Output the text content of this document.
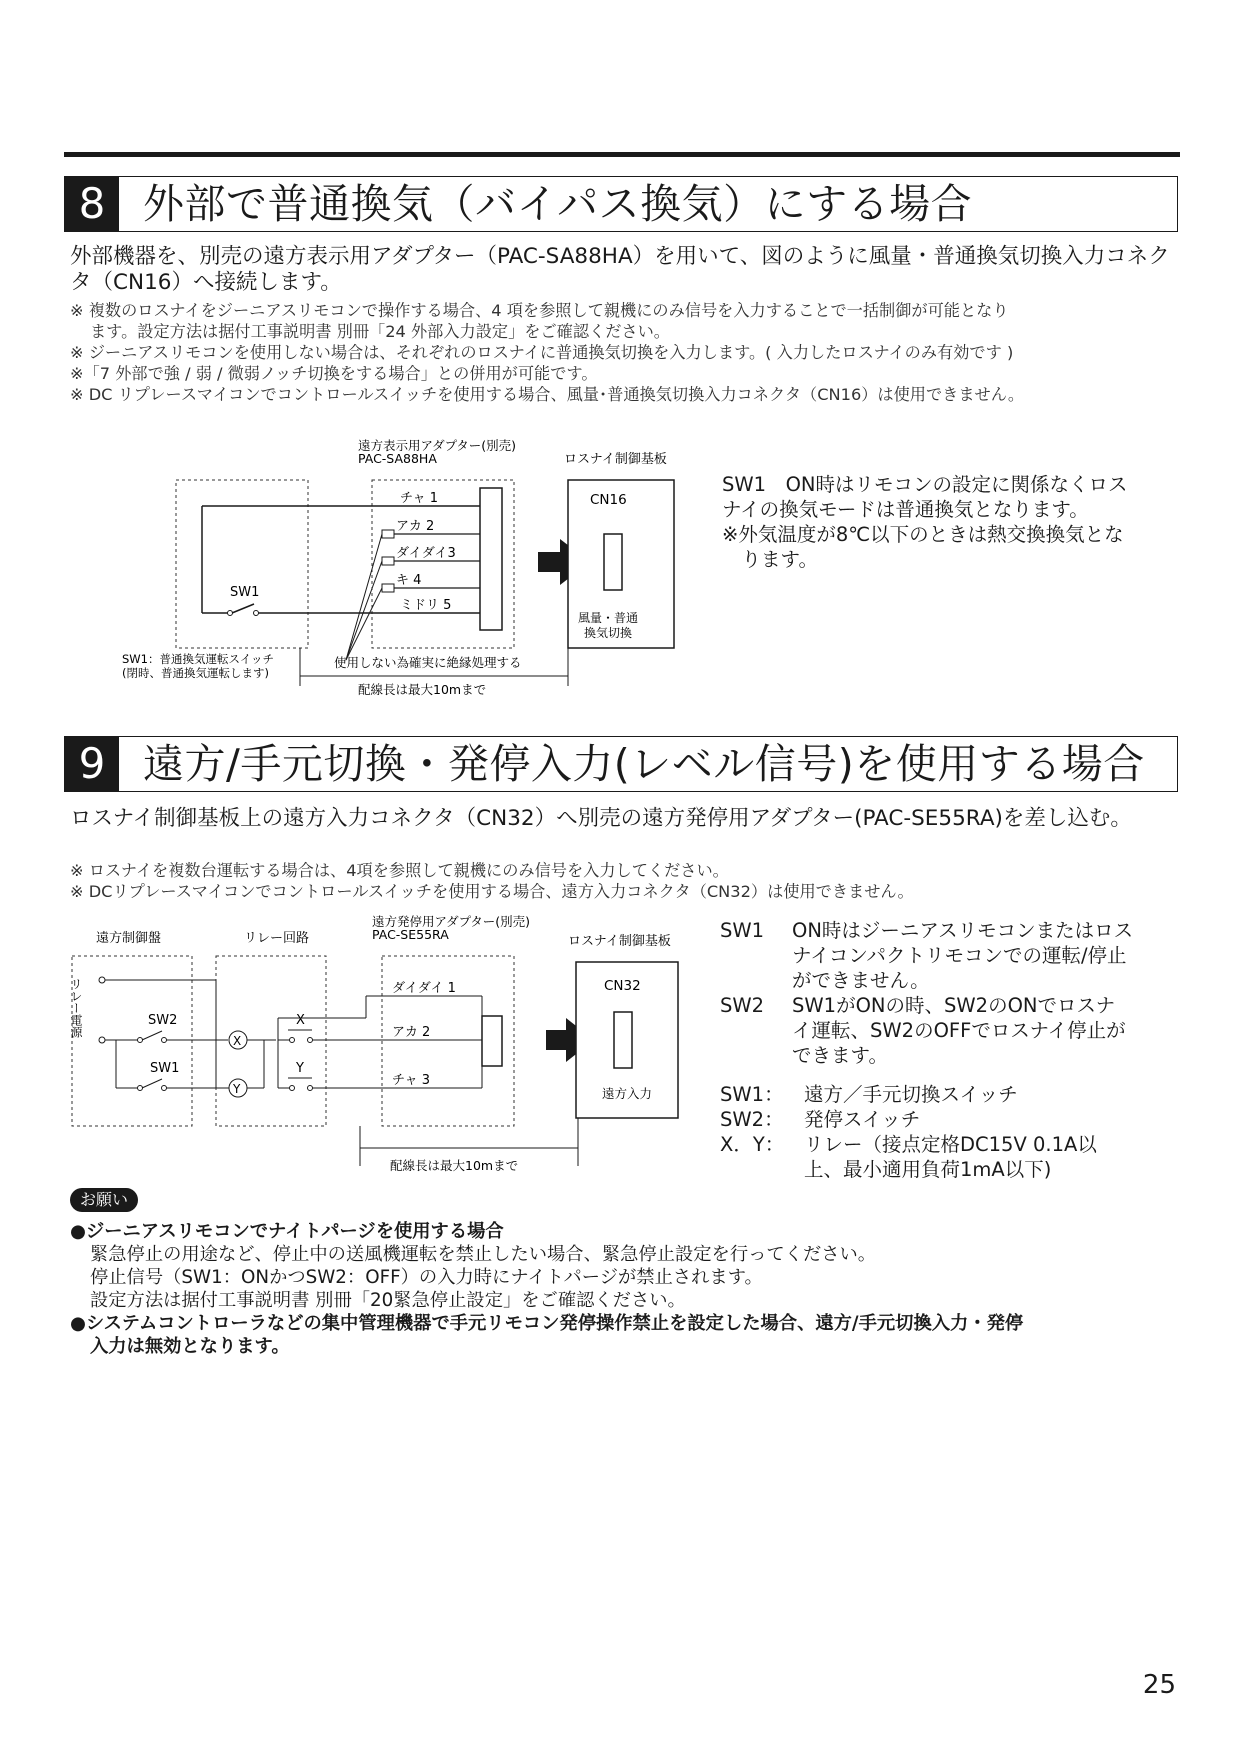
8 外部で普通換気（バイパス換気）にする場合
外部機器を、別売の遠方表示用アダプター（PAC-SA88HA）を用いて、図のように風量・普通換気切換入力コネクタ（CN16）へ接続します。
※ 複数のロスナイをジーニアスリモコンで操作する場合、4 項を参照して親機にのみ信号を入力することで一括制御が可能となり
ます。設定方法は据付工事説明書 別冊「24 外部入力設定」をご確認ください。
※ ジーニアスリモコンを使用しない場合は、それぞれのロスナイに普通換気切換を入力します。( 入力したロスナイのみ有効です )
※「7 外部で強 / 弱 / 微弱ノッチ切換をする場合」との併用が可能です。
※ DC リプレースマイコンでコントロールスイッチを使用する場合、風量･普通換気切換入力コネクタ（CN16）は使用できません。
遠方表示用アダプター(別売)
PAC-SA88HA	ロスナイ制御基板
SW1
チャ 1
アカ 2
ダイダイ3
キ 4
ミドリ 5
CN16
風量・普通
換気切換
SW1：普通換気運転スイッチ
(閉時、普通換気運転します)
使用しない為確実に絶縁処理する
配線長は最大10mまで
SW1　ON時はリモコンの設定に関係なくロス
ナイの換気モードは普通換気となります。
※外気温度が8℃以下のときは熱交換換気とな
　ります。
9 遠方/手元切換・発停入力(レベル信号)を使用する場合
ロスナイ制御基板上の遠方入力コネクタ（CN32）へ別売の遠方発停用アダプター(PAC-SE55RA)を差し込む。
※ ロスナイを複数台運転する場合は、4項を参照して親機にのみ信号を入力してください。
※ DCリプレースマイコンでコントロールスイッチを使用する場合、遠方入力コネクタ（CN32）は使用できません。
遠方制御盤	リレー回路
遠方発停用アダプター(別売)
PAC-SE55RA	ロスナイ制御基板
リレー電源	SW2
SW1
X
Y
X
Y
ダイダイ 1
アカ 2
チャ 3
CN32
遠方入力
配線長は最大10mまで
SW1	ON時はジーニアスリモコンまたはロス
ナイコンパクトリモコンでの運転/停止
ができません。
SW2	SW1がONの時、SW2のONでロスナ
イ運転、SW2のOFFでロスナイ停止が
できます。
SW1：	遠方／手元切換スイッチ
SW2：	発停スイッチ
X．Y：	リレー（接点定格DC15V 0.1A以
上、最小適用負荷1mA以下)
お願い
●ジーニアスリモコンでナイトパージを使用する場合
緊急停止の用途など、停止中の送風機運転を禁止したい場合、緊急停止設定を行ってください。
停止信号（SW1：ONかつSW2：OFF）の入力時にナイトパージが禁止されます。
設定方法は据付工事説明書 別冊「20緊急停止設定」をご確認ください。
●システムコントローラなどの集中管理機器で手元リモコン発停操作禁止を設定した場合、遠方/手元切換入力・発停
入力は無効となります。
25
